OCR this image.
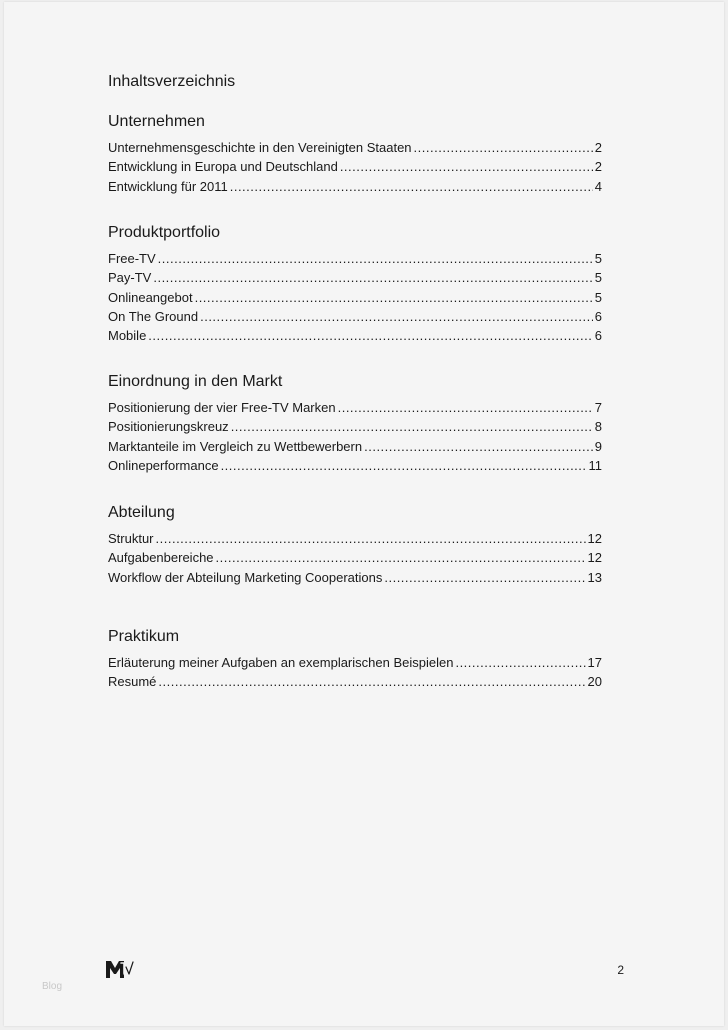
Inhaltsverzeichnis
Unternehmen
Unternehmensgeschichte in den Vereinigten Staaten .....	2
Entwicklung in Europa und Deutschland .....	2
Entwicklung für 2011 .....	4
Produktportfolio
Free-TV .....	5
Pay-TV .....	5
Onlineangebot .....	5
On The Ground .....	6
Mobile .....	6
Einordnung in den Markt
Positionierung der vier Free-TV Marken .....	7
Positionierungskreuz .....	8
Marktanteile im Vergleich zu Wettbewerbern .....	9
Onlineperformance .....	11
Abteilung
Struktur .....	12
Aufgabenbereiche .....	12
Workflow der Abteilung Marketing Cooperations .....	13
Praktikum
Erläuterung meiner Aufgaben an exemplarischen Beispielen .....	17
Resumé .....	20
2
Blog
